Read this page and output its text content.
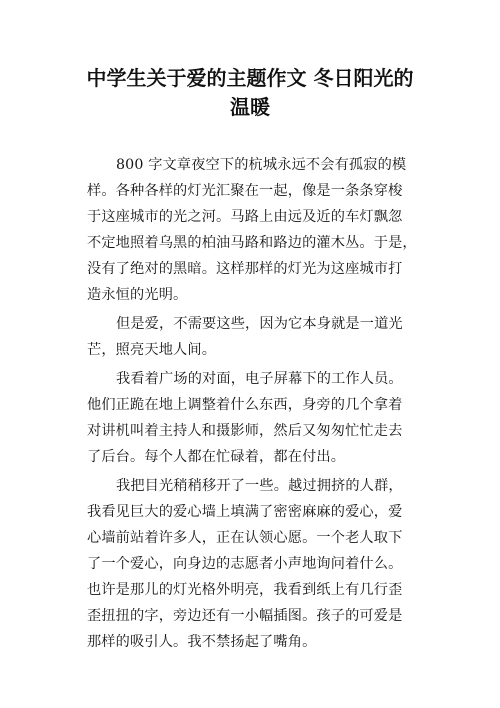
中学生关于爱的主题作文 冬日阳光的
温暖
800 字文章夜空下的杭城永远不会有孤寂的模
样。各种各样的灯光汇聚在一起，像是一条条穿梭
于这座城市的光之河。马路上由远及近的车灯飘忽
不定地照着乌黑的柏油马路和路边的灌木丛。于是，
没有了绝对的黑暗。这样那样的灯光为这座城市打
造永恒的光明。
但是爱，不需要这些，因为它本身就是一道光
芒，照亮天地人间。
我看着广场的对面，电子屏幕下的工作人员。
他们正跪在地上调整着什么东西，身旁的几个拿着
对讲机叫着主持人和摄影师，然后又匆匆忙忙走去
了后台。每个人都在忙碌着，都在付出。
我把目光稍稍移开了一些。越过拥挤的人群，
我看见巨大的爱心墙上填满了密密麻麻的爱心，爱
心墙前站着许多人，正在认领心愿。一个老人取下
了一个爱心，向身边的志愿者小声地询问着什么。
也许是那儿的灯光格外明亮，我看到纸上有几行歪
歪扭扭的字，旁边还有一小幅插图。孩子的可爱是
那样的吸引人。我不禁扬起了嘴角。
